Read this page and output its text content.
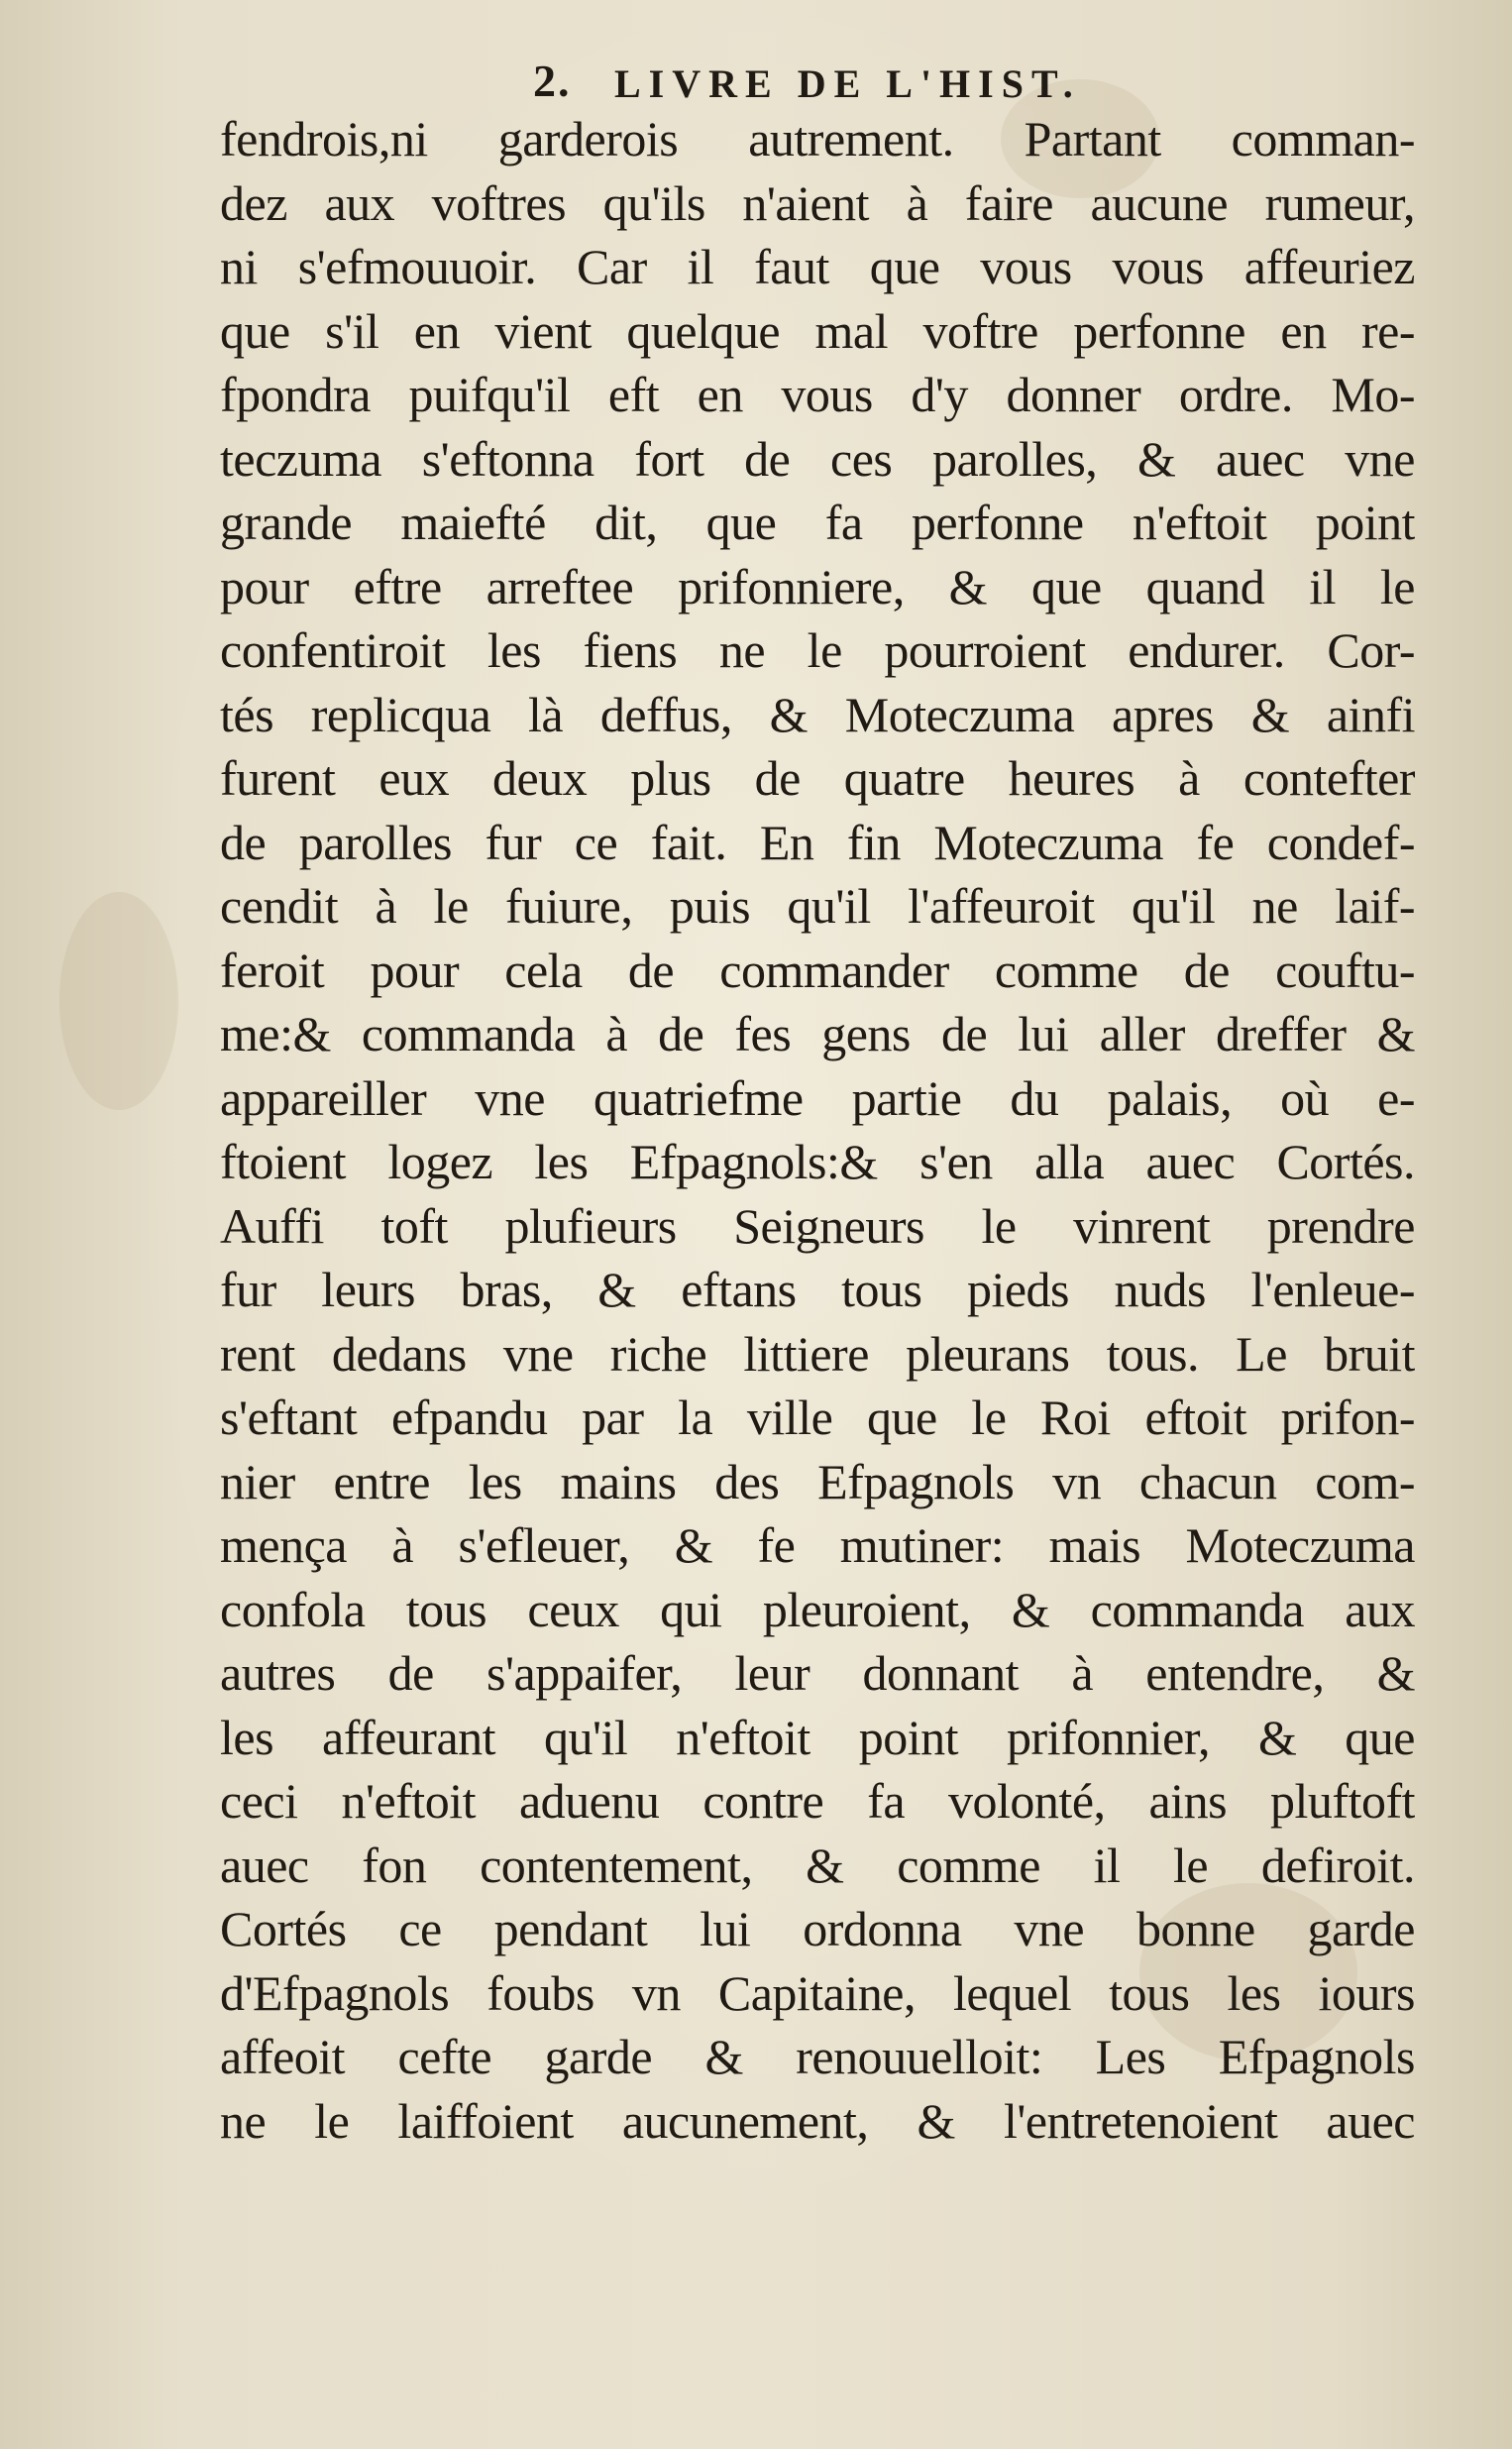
2. LIVRE DE L'HIST.
fendrois,ni garderois autrement. Partant comman-
dez aux voftres qu'ils n'aient à faire aucune rumeur,
ni s'efmouuoir. Car il faut que vous vous affeuriez
que s'il en vient quelque mal voftre perfonne en re-
fpondra puifqu'il eft en vous d'y donner ordre. Mo-
teczuma s'eftonna fort de ces parolles, & auec vne
grande maiefté dit, que fa perfonne n'eftoit point
pour eftre arreftee prifonniere, & que quand il le
confentiroit les fiens ne le pourroient endurer. Cor-
tés replicqua là deffus, & Moteczuma apres & ainfi
furent eux deux plus de quatre heures à contefter
de parolles fur ce fait. En fin Moteczuma fe condef-
cendit à le fuiure, puis qu'il l'affeuroit qu'il ne laif-
feroit pour cela de commander comme de couftu-
me:& commanda à de fes gens de lui aller dreffer &
appareiller vne quatriefme partie du palais, où e-
ftoient logez les Efpagnols:& s'en alla auec Cortés.
Auffi toft plufieurs Seigneurs le vinrent prendre
fur leurs bras, & eftans tous pieds nuds l'enleue-
rent dedans vne riche littiere pleurans tous. Le bruit
s'eftant efpandu par la ville que le Roi eftoit prifon-
nier entre les mains des Efpagnols vn chacun com-
mença à s'efleuer, & fe mutiner: mais Moteczuma
confola tous ceux qui pleuroient, & commanda aux
autres de s'appaifer, leur donnant à entendre, &
les affeurant qu'il n'eftoit point prifonnier, & que
ceci n'eftoit aduenu contre fa volonté, ains pluftoft
auec fon contentement, & comme il le defiroit.
Cortés ce pendant lui ordonna vne bonne garde
d'Efpagnols foubs vn Capitaine, lequel tous les iours
affeoit cefte garde & renouuelloit: Les Efpagnols
ne le laiffoient aucunement, & l'entretenoient auec
